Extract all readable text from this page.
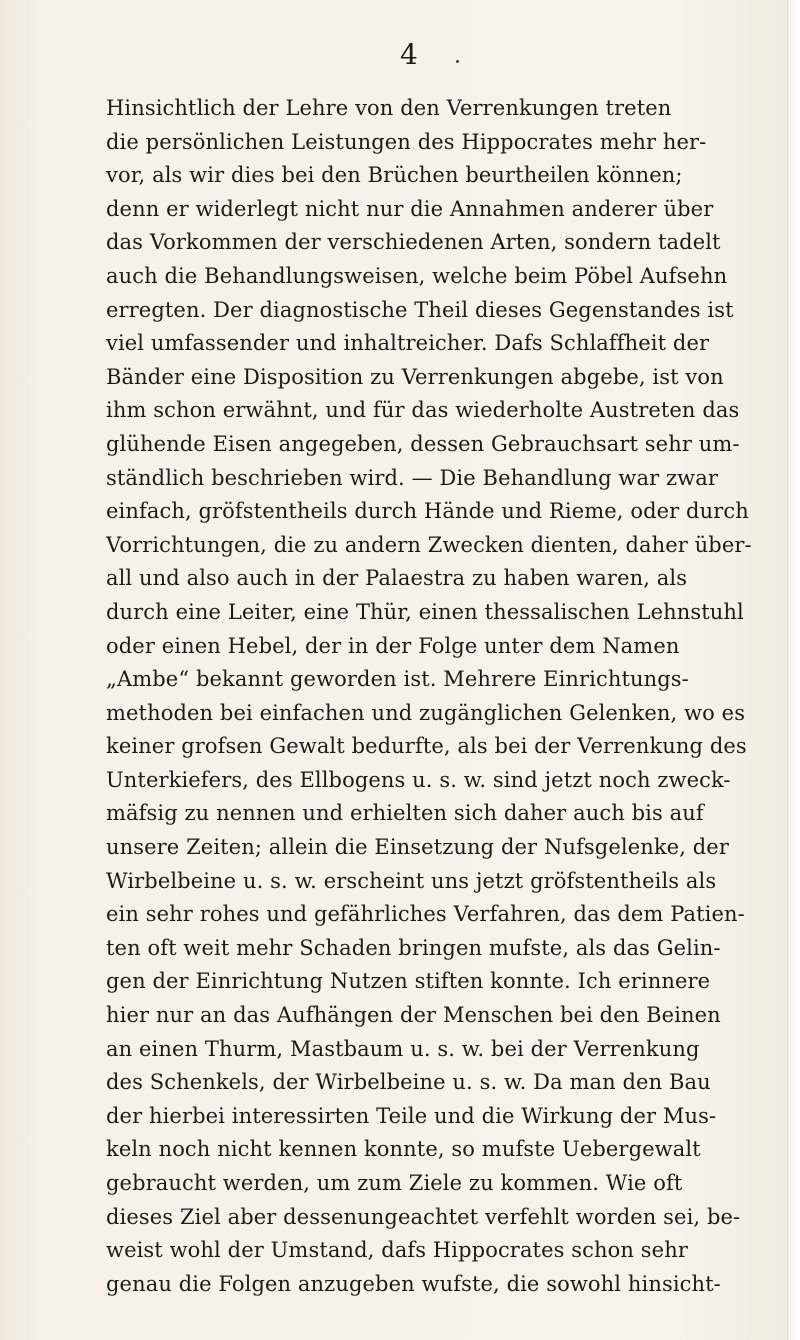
4
Hinsichtlich der Lehre von den Verrenkungen treten
die persönlichen Leistungen des Hippocrates mehr her-
vor, als wir dies bei den Brüchen beurtheilen können;
denn er widerlegt nicht nur die Annahmen anderer über
das Vorkommen der verschiedenen Arten, sondern tadelt
auch die Behandlungsweisen, welche beim Pöbel Aufsehn
erregten. Der diagnostische Theil dieses Gegenstandes ist
viel umfassender und inhaltreicher. Dafs Schlaffheit der
Bänder eine Disposition zu Verrenkungen abgebe, ist von
ihm schon erwähnt, und für das wiederholte Austreten das
glühende Eisen angegeben, dessen Gebrauchsart sehr um-
ständlich beschrieben wird. — Die Behandlung war zwar
einfach, gröfstentheils durch Hände und Rieme, oder durch
Vorrichtungen, die zu andern Zwecken dienten, daher über-
all und also auch in der Palaestra zu haben waren, als
durch eine Leiter, eine Thür, einen thessalischen Lehnstuhl
oder einen Hebel, der in der Folge unter dem Namen
„Ambe“ bekannt geworden ist. Mehrere Einrichtungs-
methoden bei einfachen und zugänglichen Gelenken, wo es
keiner grofsen Gewalt bedurfte, als bei der Verrenkung des
Unterkiefers, des Ellbogens u. s. w. sind jetzt noch zweck-
mäfsig zu nennen und erhielten sich daher auch bis auf
unsere Zeiten; allein die Einsetzung der Nufsgelenke, der
Wirbelbeine u. s. w. erscheint uns jetzt gröfstentheils als
ein sehr rohes und gefährliches Verfahren, das dem Patien-
ten oft weit mehr Schaden bringen mufste, als das Gelin-
gen der Einrichtung Nutzen stiften konnte. Ich erinnere
hier nur an das Aufhängen der Menschen bei den Beinen
an einen Thurm, Mastbaum u. s. w. bei der Verrenkung
des Schenkels, der Wirbelbeine u. s. w. Da man den Bau
der hierbei interessirten Teile und die Wirkung der Mus-
keln noch nicht kennen konnte, so mufste Uebergewalt
gebraucht werden, um zum Ziele zu kommen. Wie oft
dieses Ziel aber dessenungeachtet verfehlt worden sei, be-
weist wohl der Umstand, dafs Hippocrates schon sehr
genau die Folgen anzugeben wufste, die sowohl hinsicht-
